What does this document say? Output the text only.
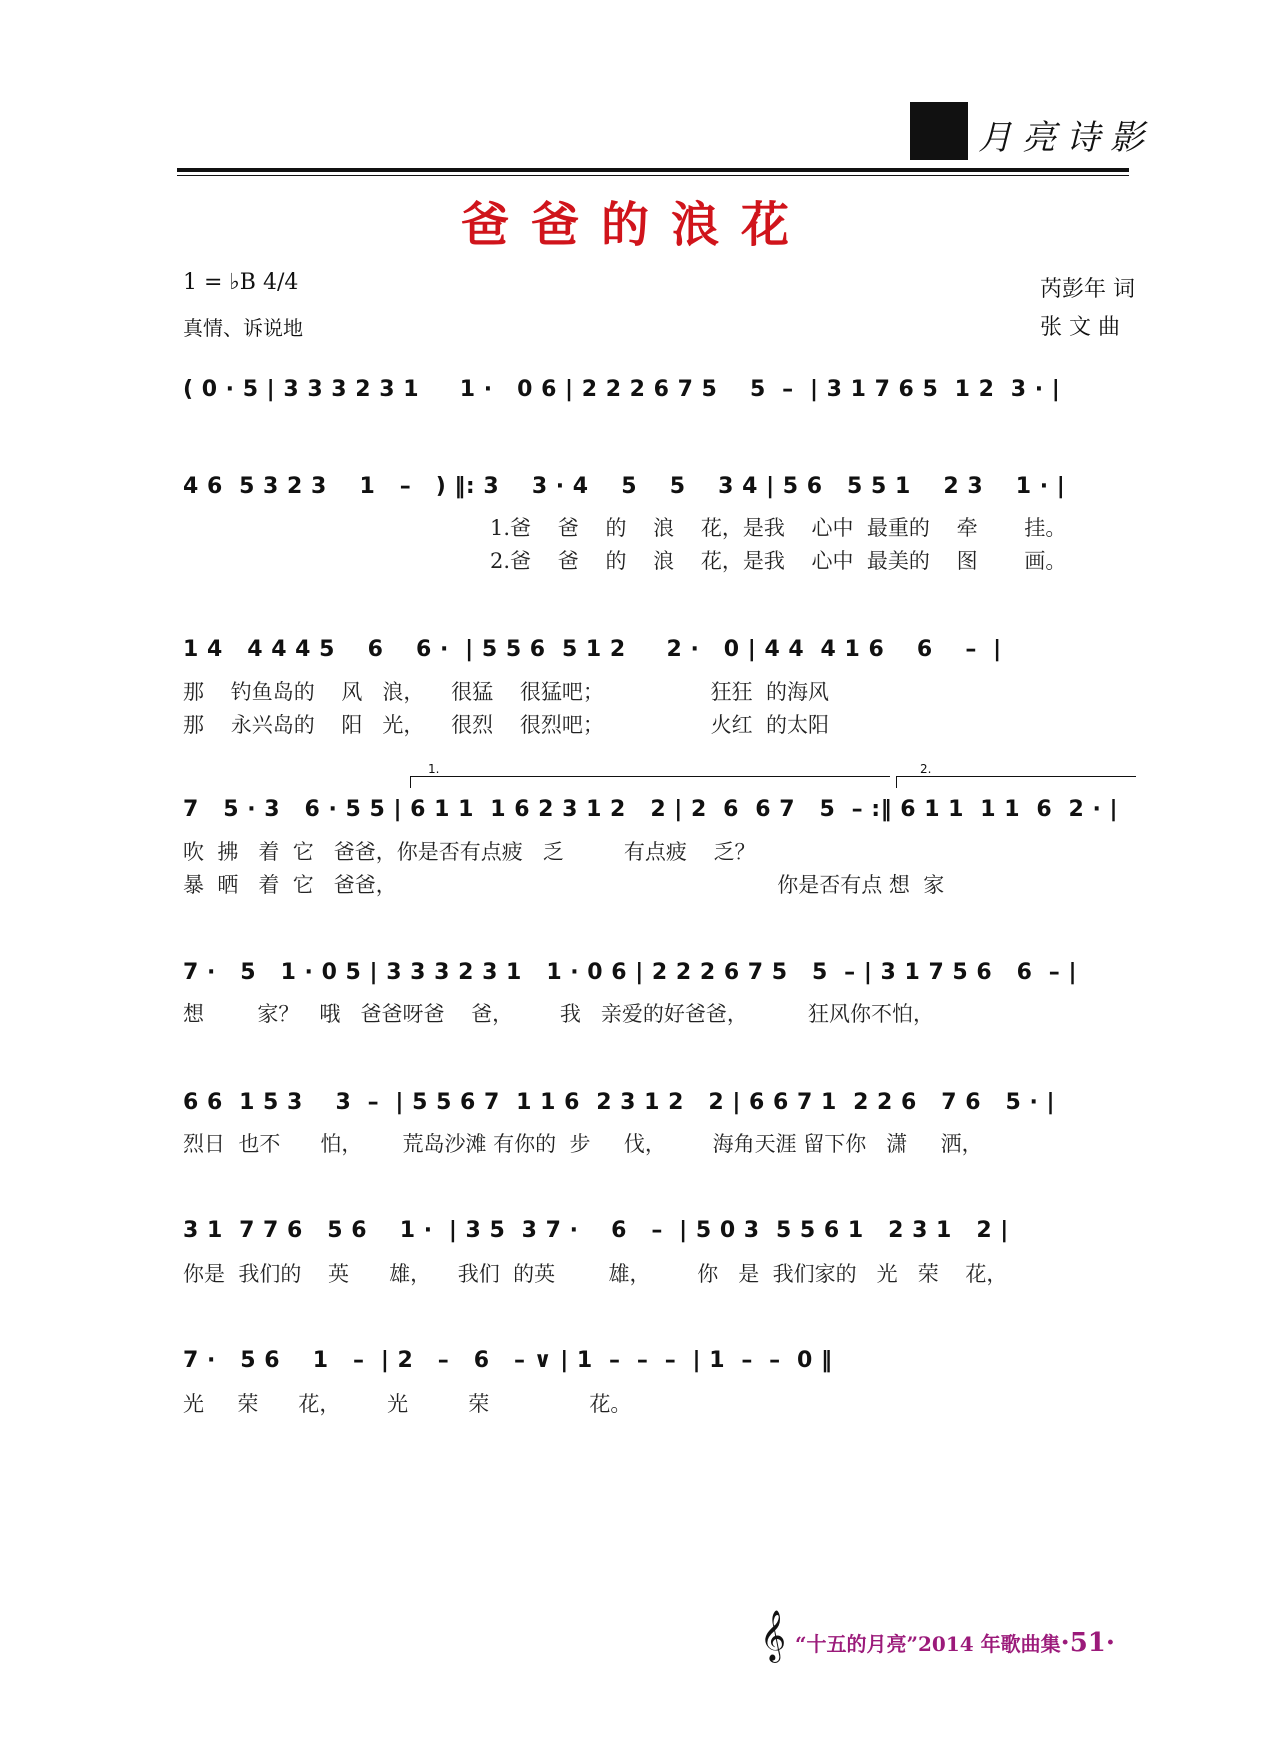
月亮诗影
爸爸的浪花
1 = ♭B 4/4
真情、诉说地
芮彭年 词
张 文 曲
( 0 · 5 | 3 3 3 2 3 1     1 ·   0 6 | 2 2 2 6 7 5    5  –  | 3 1 7 6 5  1 2  3 · |
4 6  5 3 2 3    1   –   ) ‖: 3    3 · 4    5    5    3 4 | 5 6   5 5 1    2 3    1 · |
1.爸    爸    的    浪    花，是我    心中  最重的    牵       挂。
2.爸    爸    的    浪    花，是我    心中  最美的    图       画。
1 4   4 4 4 5    6    6 ·  | 5 5 6  5 1 2     2 ·   0 | 4 4  4 1 6    6    –  |
那    钓鱼岛的    风   浪，    很猛    很猛吧；                狂狂  的海风
那    永兴岛的    阳   光，    很烈    很烈吧；                火红  的太阳
1.	2.
7   5 · 3   6 · 5 5 | 6 1 1  1 6 2 3 1 2   2 | 2  6  6 7   5  – :‖ 6 1 1  1 1  6  2 · |
吹  拂   着  它   爸爸，你是否有点疲   乏         有点疲    乏？
暴  晒   着  它   爸爸，                                                         你是否有点 想  家
7 ·   5   1 · 0 5 | 3 3 3 2 3 1   1 · 0 6 | 2 2 2 6 7 5   5  – | 3 1 7 5 6   6  – |
想        家？   哦   爸爸呀爸    爸，       我   亲爱的好爸爸，         狂风你不怕，
6 6  1 5 3    3  –  | 5 5 6 7  1 1 6  2 3 1 2   2 | 6 6 7 1  2 2 6   7 6   5 · |
烈日  也不      怕，      荒岛沙滩 有你的  步     伐，       海角天涯 留下你   潇     洒，
3 1  7 7 6   5 6    1 ·  | 3 5  3 7 ·    6   –  | 5 0 3  5 5 6 1   2 3 1   2 |
你是  我们的    英      雄，    我们  的英        雄，       你   是  我们家的   光   荣    花，
7 ·   5 6    1   –  | 2   –   6   – ∨ | 1  –  –  –  | 1  –  –  0 ‖
光     荣      花，       光         荣               花。
𝄞 “十五的月亮”2014 年歌曲集·51·
